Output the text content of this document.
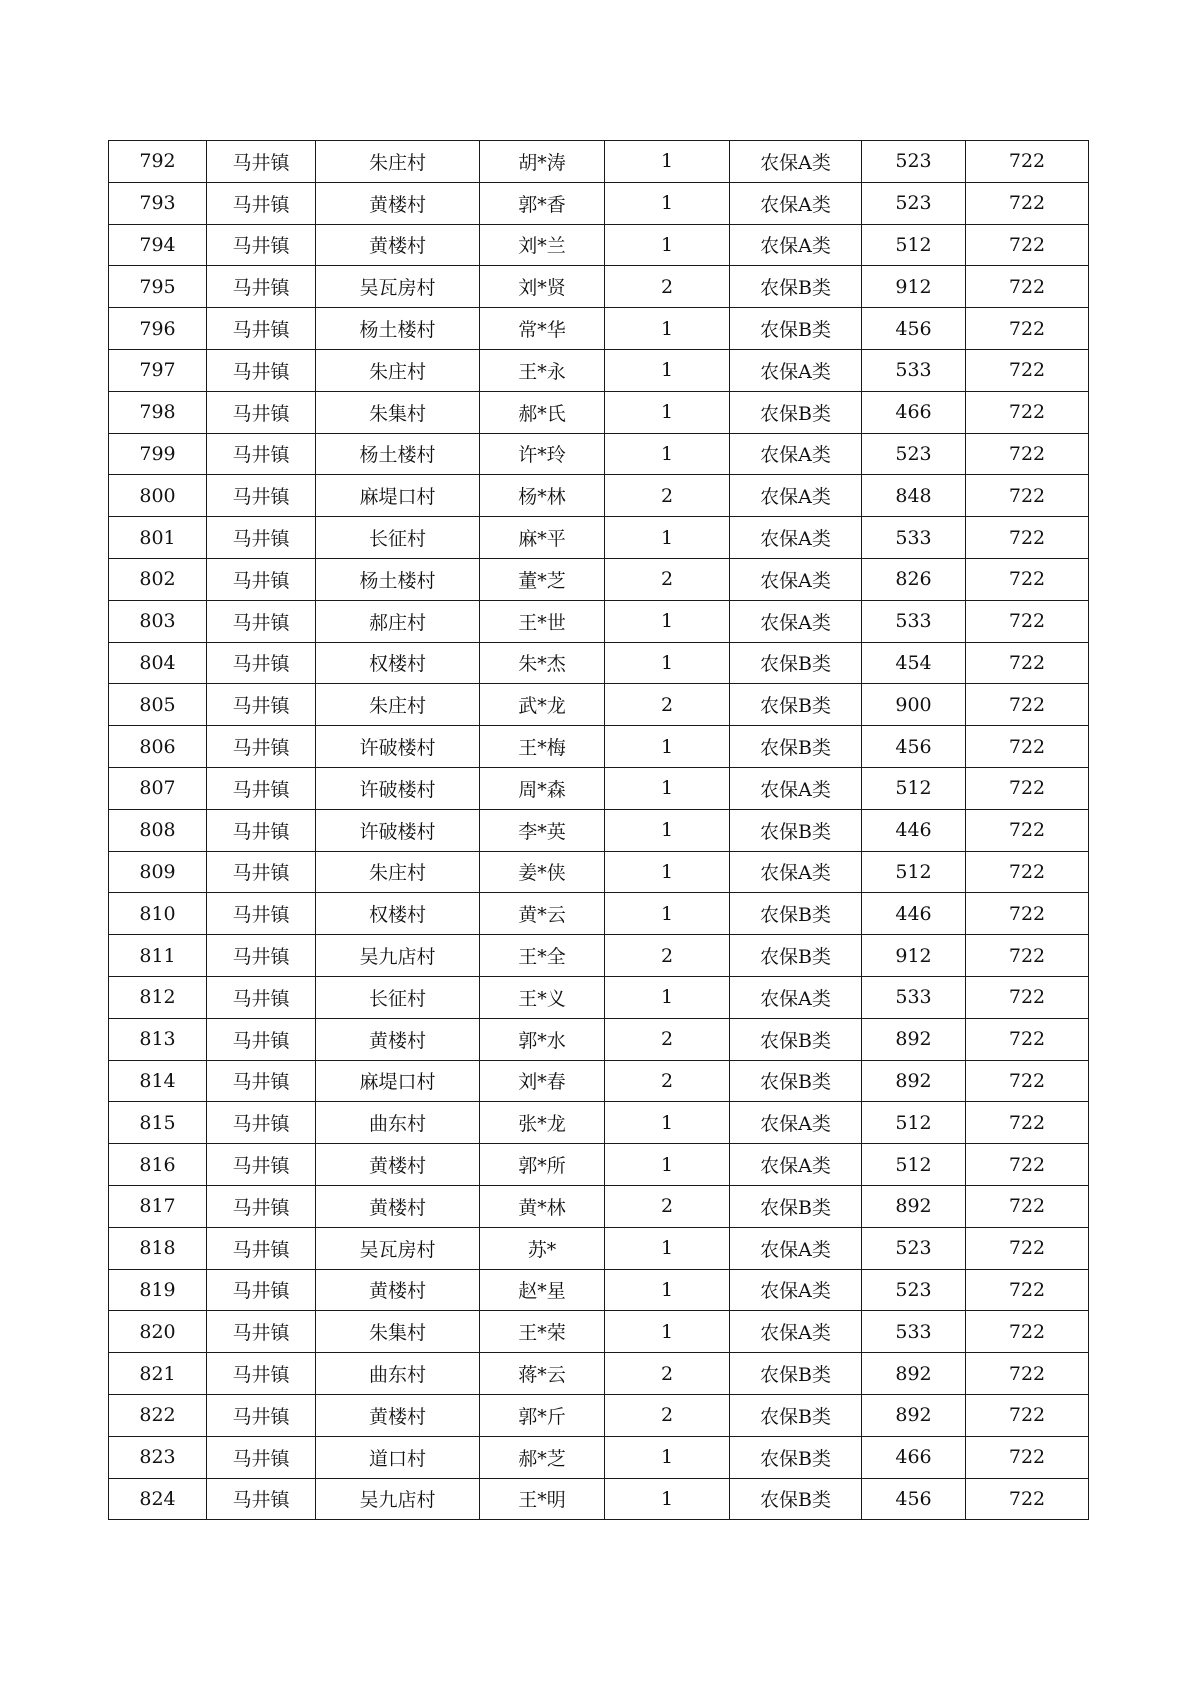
792	马井镇	朱庄村	胡*涛	1	农保A类	523	722
793	马井镇	黄楼村	郭*香	1	农保A类	523	722
794	马井镇	黄楼村	刘*兰	1	农保A类	512	722
795	马井镇	吴瓦房村	刘*贤	2	农保B类	912	722
796	马井镇	杨土楼村	常*华	1	农保B类	456	722
797	马井镇	朱庄村	王*永	1	农保A类	533	722
798	马井镇	朱集村	郝*氏	1	农保B类	466	722
799	马井镇	杨土楼村	许*玲	1	农保A类	523	722
800	马井镇	麻堤口村	杨*林	2	农保A类	848	722
801	马井镇	长征村	麻*平	1	农保A类	533	722
802	马井镇	杨土楼村	董*芝	2	农保A类	826	722
803	马井镇	郝庄村	王*世	1	农保A类	533	722
804	马井镇	权楼村	朱*杰	1	农保B类	454	722
805	马井镇	朱庄村	武*龙	2	农保B类	900	722
806	马井镇	许破楼村	王*梅	1	农保B类	456	722
807	马井镇	许破楼村	周*森	1	农保A类	512	722
808	马井镇	许破楼村	李*英	1	农保B类	446	722
809	马井镇	朱庄村	姜*侠	1	农保A类	512	722
810	马井镇	权楼村	黄*云	1	农保B类	446	722
811	马井镇	吴九店村	王*全	2	农保B类	912	722
812	马井镇	长征村	王*义	1	农保A类	533	722
813	马井镇	黄楼村	郭*水	2	农保B类	892	722
814	马井镇	麻堤口村	刘*春	2	农保B类	892	722
815	马井镇	曲东村	张*龙	1	农保A类	512	722
816	马井镇	黄楼村	郭*所	1	农保A类	512	722
817	马井镇	黄楼村	黄*林	2	农保B类	892	722
818	马井镇	吴瓦房村	苏*	1	农保A类	523	722
819	马井镇	黄楼村	赵*星	1	农保A类	523	722
820	马井镇	朱集村	王*荣	1	农保A类	533	722
821	马井镇	曲东村	蒋*云	2	农保B类	892	722
822	马井镇	黄楼村	郭*斤	2	农保B类	892	722
823	马井镇	道口村	郝*芝	1	农保B类	466	722
824	马井镇	吴九店村	王*明	1	农保B类	456	722
